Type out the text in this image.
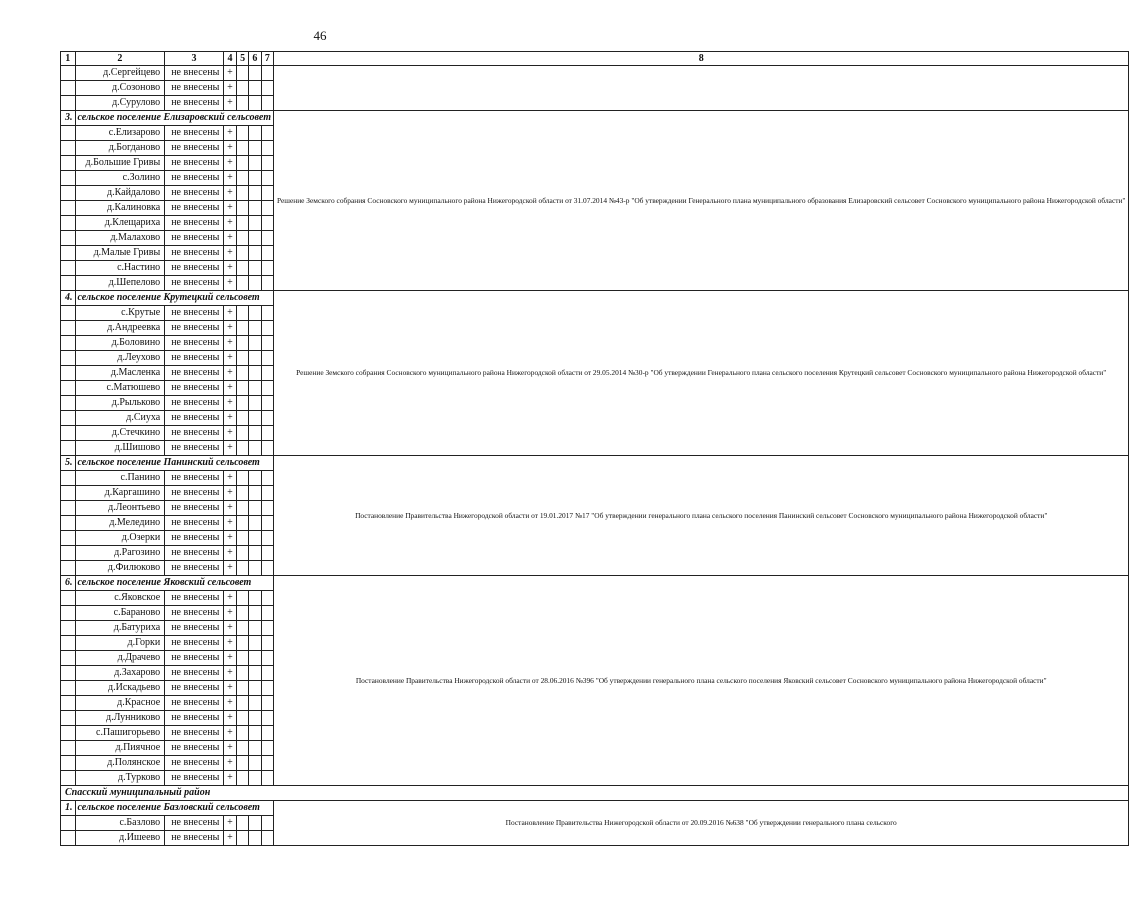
46
1	2	3	4	5	6	7	8
	д.Сергейцево	не внесены	+				
	д.Созоново	не внесены	+				
	д.Сурулово	не внесены	+				
3.	сельское поселение Елизаровский сельсовет						Решение Земского собрания Сосновского муниципального района Нижегородской области от 31.07.2014 №43-р "Об утверждении Генерального плана муниципального образования Елизаровский сельсовет Сосновского муниципального района Нижегородской области"
	с.Елизарово	не внесены	+				
	д.Богданово	не внесены	+				
	д.Большие Гривы	не внесены	+				
	с.Золино	не внесены	+				
	д.Кайдалово	не внесены	+				
	д.Калиновка	не внесены	+				
	д.Клещариха	не внесены	+				
	д.Малахово	не внесены	+				
	д.Малые Гривы	не внесены	+				
	с.Настино	не внесены	+				
	д.Шепелово	не внесены	+				
4.	сельское поселение Крутецкий сельсовет						Решение Земского собрания Сосновского муниципального района Нижегородской области от 29.05.2014 №30-р "Об утверждении Генерального плана сельского поселения Крутецкий сельсовет Сосновского муниципального района Нижегородской области"
	с.Крутые	не внесены	+				
	д.Андреевка	не внесены	+				
	д.Боловино	не внесены	+				
	д.Леухово	не внесены	+				
	д.Масленка	не внесены	+				
	с.Матюшево	не внесены	+				
	д.Рыльково	не внесены	+				
	д.Сиуха	не внесены	+				
	д.Стечкино	не внесены	+				
	д.Шишово	не внесены	+				
5.	сельское поселение Панинский сельсовет						Постановление Правительства Нижегородской области от 19.01.2017 №17 "Об утверждении генерального плана сельского поселения Панинский сельсовет Сосновского муниципального района Нижегородской области"
	с.Панино	не внесены	+				
	д.Каргашино	не внесены	+				
	д.Леонтьево	не внесены	+				
	д.Меледино	не внесены	+				
	д.Озерки	не внесены	+				
	д.Рагозино	не внесены	+				
	д.Филюково	не внесены	+				
6.	сельское поселение Яковский сельсовет						Постановление Правительства Нижегородской области от 28.06.2016 №396 "Об утверждении генерального плана сельского поселения Яковский сельсовет Сосновского муниципального района Нижегородской области"
	с.Яковское	не внесены	+				
	с.Бараново	не внесены	+				
	д.Батуриха	не внесены	+				
	д.Горки	не внесены	+				
	д.Драчево	не внесены	+				
	д.Захарово	не внесены	+				
	д.Искадьево	не внесены	+				
	д.Красное	не внесены	+				
	д.Лунниково	не внесены	+				
	с.Пашигорьево	не внесены	+				
	д.Пиячное	не внесены	+				
	д.Полянское	не внесены	+				
	д.Турково	не внесены	+				
Спасский муниципальный район							
1.	сельское поселение Базловский сельсовет						Постановление Правительства Нижегородской области от 20.09.2016 №638 "Об утверждении генерального плана сельского
	с.Базлово	не внесены	+				
	д.Ишеево	не внесены	+				
